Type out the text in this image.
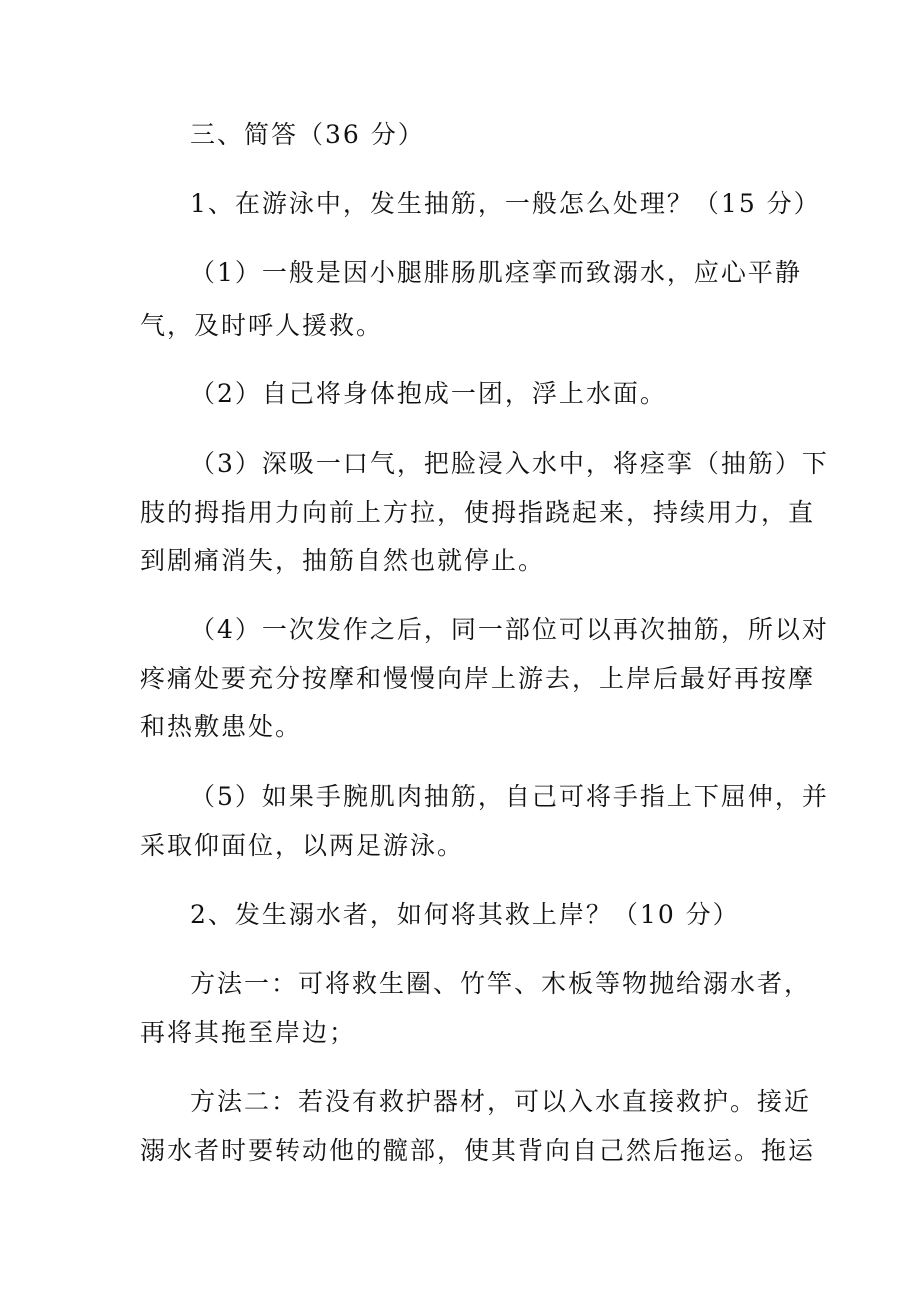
三、简答（36 分）
1、在游泳中，发生抽筋，一般怎么处理？（15 分）
（1）一般是因小腿腓肠肌痉挛而致溺水，应心平静
气，及时呼人援救。
（2）自己将身体抱成一团，浮上水面。
（3）深吸一口气，把脸浸入水中，将痉挛（抽筋）下
肢的拇指用力向前上方拉，使拇指跷起来，持续用力，直
到剧痛消失，抽筋自然也就停止。
（4）一次发作之后，同一部位可以再次抽筋，所以对
疼痛处要充分按摩和慢慢向岸上游去，上岸后最好再按摩
和热敷患处。
（5）如果手腕肌肉抽筋，自己可将手指上下屈伸，并
采取仰面位，以两足游泳。
2、发生溺水者，如何将其救上岸？（10 分）
方法一：可将救生圈、竹竿、木板等物抛给溺水者，
再将其拖至岸边；
方法二：若没有救护器材，可以入水直接救护。接近
溺水者时要转动他的髋部，使其背向自己然后拖运。拖运
